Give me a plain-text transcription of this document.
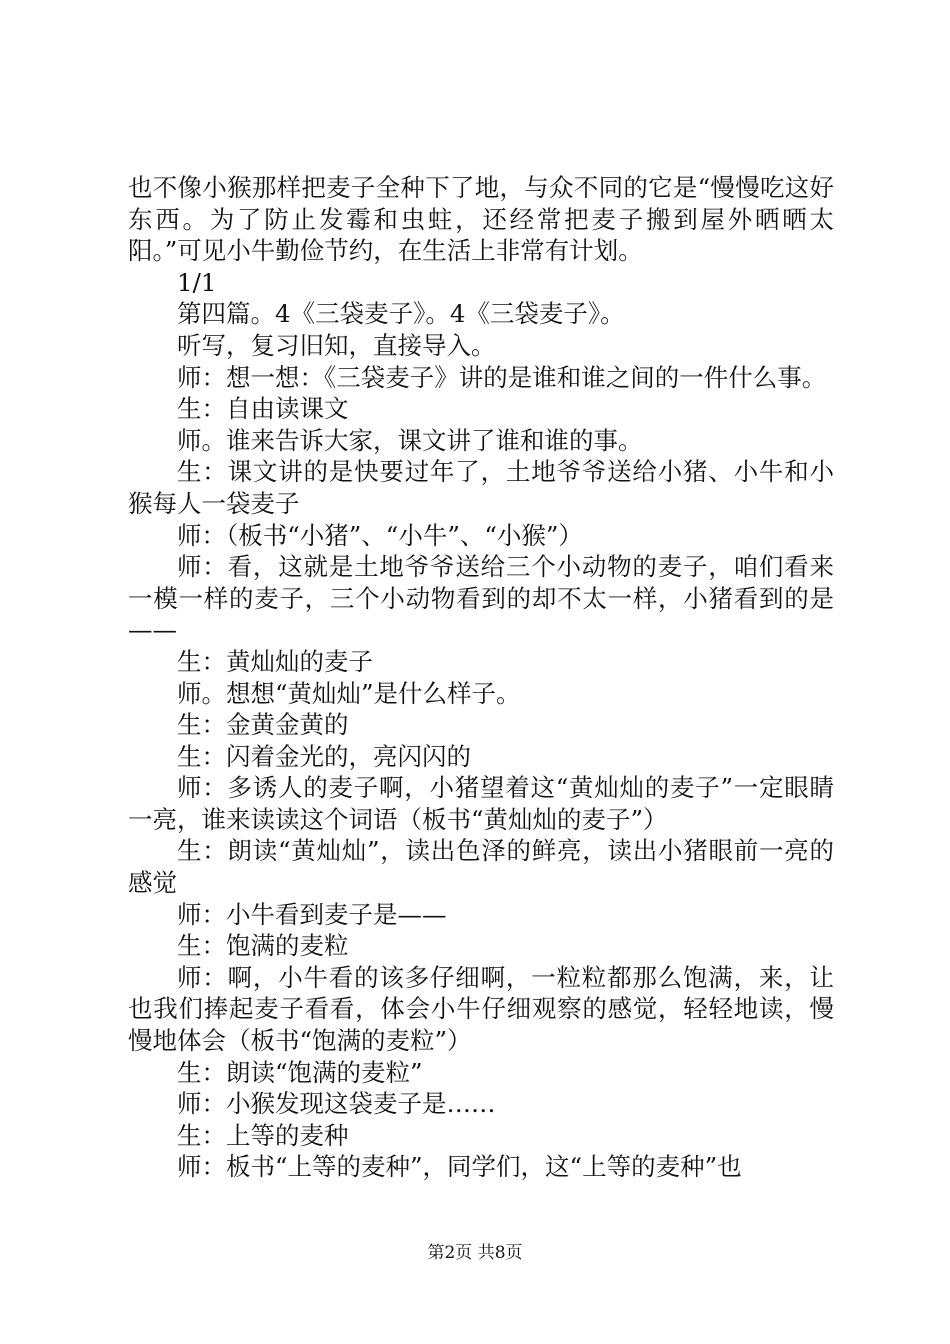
也不像小猴那样把麦子全种下了地，与众不同的它是“慢慢吃这好东西。为了防止发霉和虫蛀，还经常把麦子搬到屋外晒晒太阳。”可见小牛勤俭节约，在生活上非常有计划。

1/1

第四篇。4《三袋麦子》。4《三袋麦子》。

听写，复习旧知，直接导入。

师：想一想：《三袋麦子》讲的是谁和谁之间的一件什么事。

生：自由读课文

师。谁来告诉大家，课文讲了谁和谁的事。

生：课文讲的是快要过年了，土地爷爷送给小猪、小牛和小猴每人一袋麦子

师：（板书“小猪”、“小牛”、“小猴”）

师：看，这就是土地爷爷送给三个小动物的麦子，咱们看来一模一样的麦子，三个小动物看到的却不太一样，小猪看到的是——

生：黄灿灿的麦子

师。想想“黄灿灿”是什么样子。

生：金黄金黄的

生：闪着金光的，亮闪闪的

师：多诱人的麦子啊，小猪望着这“黄灿灿的麦子”一定眼睛一亮，谁来读读这个词语（板书“黄灿灿的麦子”）

生：朗读“黄灿灿”，读出色泽的鲜亮，读出小猪眼前一亮的感觉

师：小牛看到麦子是——

生：饱满的麦粒

师：啊，小牛看的该多仔细啊，一粒粒都那么饱满，来，让也我们捧起麦子看看，体会小牛仔细观察的感觉，轻轻地读，慢慢地体会（板书“饱满的麦粒”）

生：朗读“饱满的麦粒”

师：小猴发现这袋麦子是……

生：上等的麦种

师：板书“上等的麦种”，同学们，这“上等的麦种”也

第2页 共8页
